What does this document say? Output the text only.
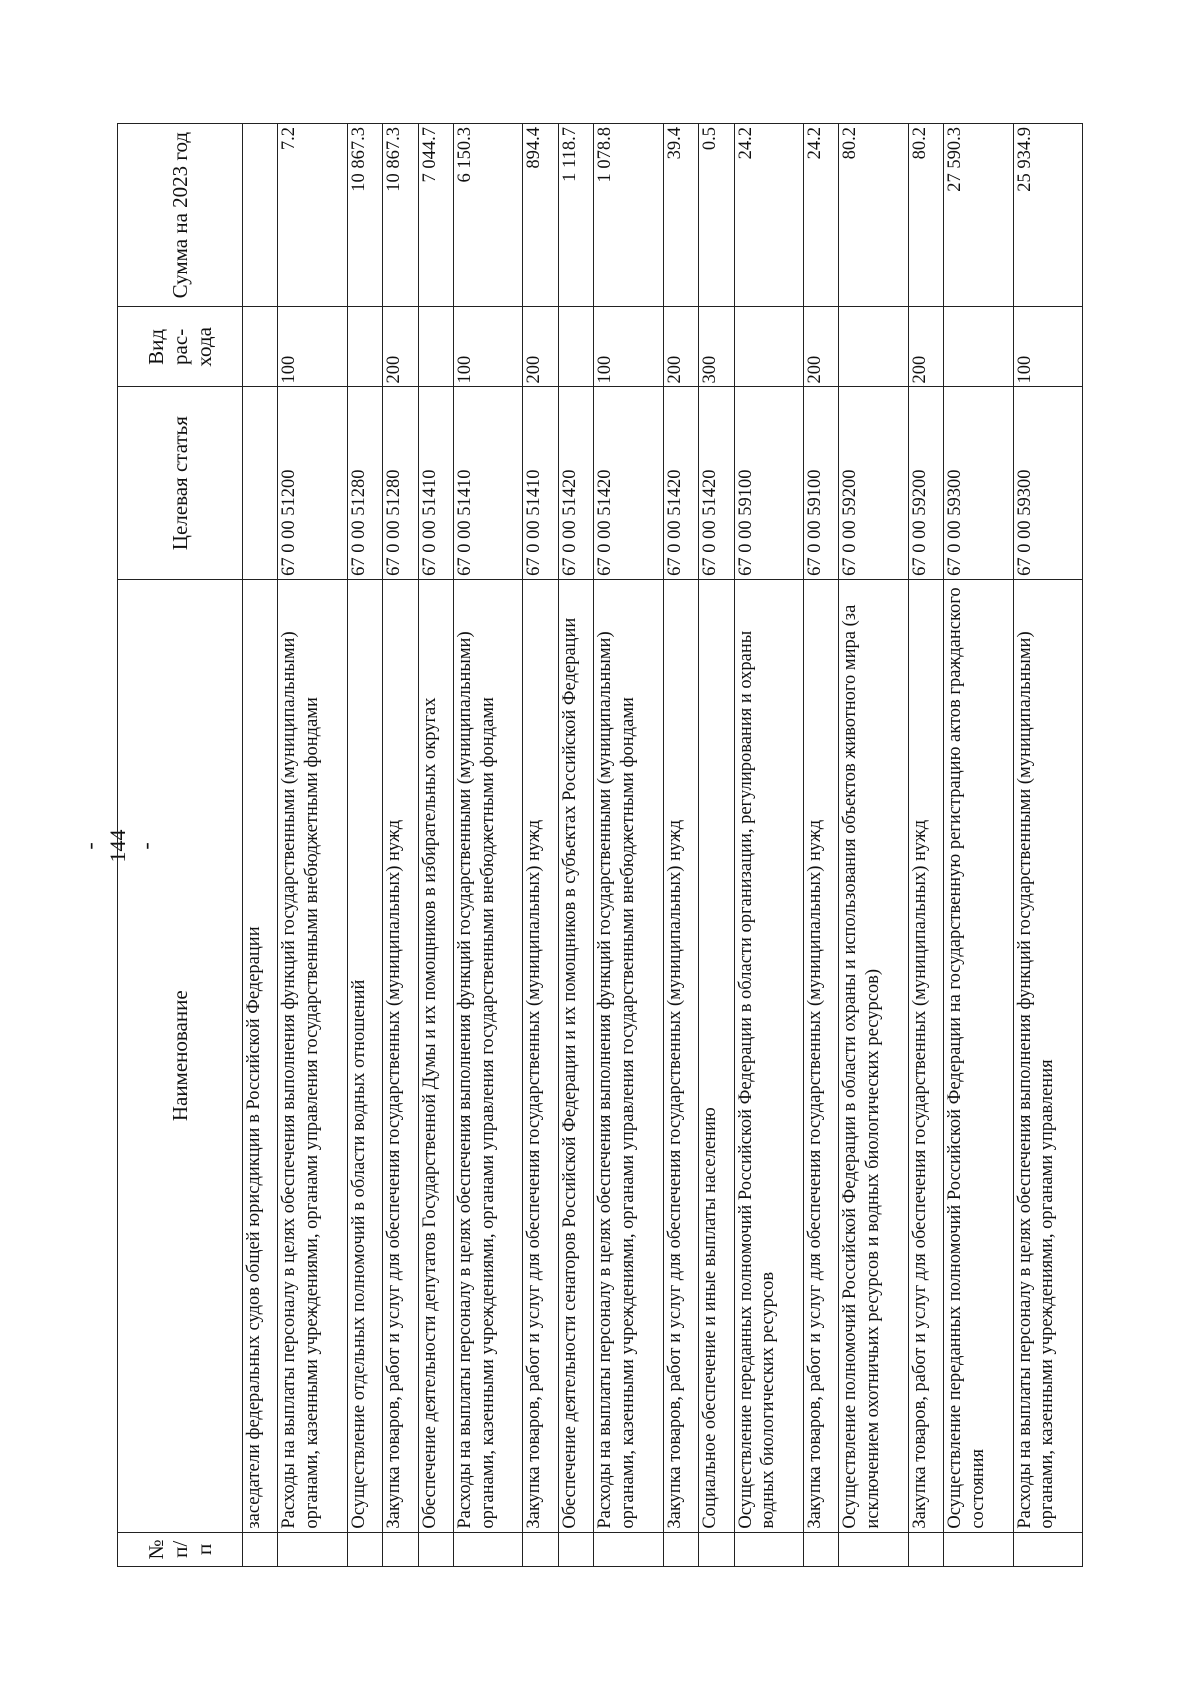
- 144 -
№ п/п	Наименование	Целевая статья	Вид рас- хода	Сумма на 2023 год
	заседатели федеральных судов общей юрисдикции в Российской Федерации			
	Расходы на выплаты персоналу в целях обеспечения выполнения функций государственными (муниципальными) органами, казенными учреждениями, органами управления государственными внебюджетными фондами	67 0 00 51200	100	7.2
	Осуществление отдельных полномочий в области водных отношений	67 0 00 51280		10 867.3
	Закупка товаров, работ и услуг для обеспечения государственных (муниципальных) нужд	67 0 00 51280	200	10 867.3
	Обеспечение деятельности депутатов Государственной Думы и их помощников в избирательных округах	67 0 00 51410		7 044.7
	Расходы на выплаты персоналу в целях обеспечения выполнения функций государственными (муниципальными) органами, казенными учреждениями, органами управления государственными внебюджетными фондами	67 0 00 51410	100	6 150.3
	Закупка товаров, работ и услуг для обеспечения государственных (муниципальных) нужд	67 0 00 51410	200	894.4
	Обеспечение деятельности сенаторов Российской Федерации и их помощников в субъектах Российской Федерации	67 0 00 51420		1 118.7
	Расходы на выплаты персоналу в целях обеспечения выполнения функций государственными (муниципальными) органами, казенными учреждениями, органами управления государственными внебюджетными фондами	67 0 00 51420	100	1 078.8
	Закупка товаров, работ и услуг для обеспечения государственных (муниципальных) нужд	67 0 00 51420	200	39.4
	Социальное обеспечение и иные выплаты населению	67 0 00 51420	300	0.5
	Осуществление переданных полномочий Российской Федерации в области организации, регулирования и охраны водных биологических ресурсов	67 0 00 59100		24.2
	Закупка товаров, работ и услуг для обеспечения государственных (муниципальных) нужд	67 0 00 59100	200	24.2
	Осуществление полномочий Российской Федерации в области охраны и использования объектов животного мира (за исключением охотничьих ресурсов и водных биологических ресурсов)	67 0 00 59200		80.2
	Закупка товаров, работ и услуг для обеспечения государственных (муниципальных) нужд	67 0 00 59200	200	80.2
	Осуществление переданных полномочий Российской Федерации на государственную регистрацию актов гражданского состояния	67 0 00 59300		27 590.3
	Расходы на выплаты персоналу в целях обеспечения выполнения функций государственными (муниципальными) органами, казенными учреждениями, органами управления	67 0 00 59300	100	25 934.9
